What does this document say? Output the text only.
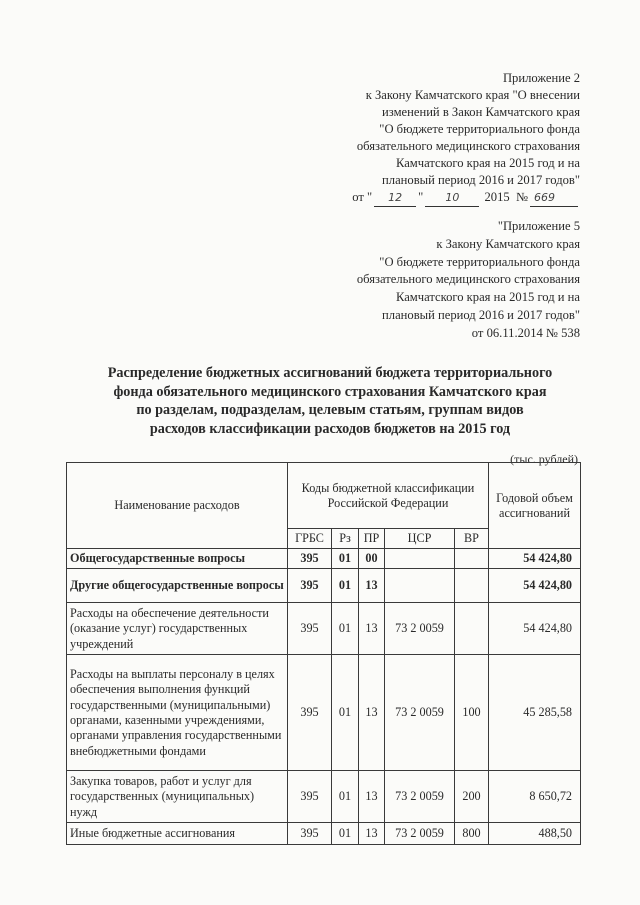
Приложение 2
к Закону Камчатского края "О внесении
изменений в Закон Камчатского края
"О бюджете территориального фонда
обязательного медицинского страхования
Камчатского края на 2015 год и на
плановый период 2016 и 2017 годов"
от " 12 " 10 2015 № 669
"Приложение 5
к Закону Камчатского края
"О бюджете территориального фонда
обязательного медицинского страхования
Камчатского края на 2015 год и на
плановый период 2016 и 2017 годов"
от 06.11.2014 № 538
Распределение бюджетных ассигнований бюджета территориального
фонда обязательного медицинского страхования Камчатского края
по разделам, подразделам, целевым статьям, группам видов
расходов классификации расходов бюджетов на 2015 год
(тыс. рублей)
Наименование расходов	Коды бюджетной классификации Российской Федерации					Годовой объем ассигнований
	ГРБС	Рз	ПР	ЦСР	ВР	
Общегосударственные вопросы	395	01	00			54 424,80
Другие общегосударственные вопросы	395	01	13			54 424,80
Расходы на обеспечение деятельности (оказание услуг) государственных учреждений	395	01	13	73 2 0059		54 424,80
Расходы на выплаты персоналу в целях обеспечения выполнения функций государственными (муниципальными) органами, казенными учреждениями, органами управления государственными внебюджетными фондами	395	01	13	73 2 0059	100	45 285,58
Закупка товаров, работ и услуг для государственных (муниципальных) нужд	395	01	13	73 2 0059	200	8 650,72
Иные бюджетные ассигнования	395	01	13	73 2 0059	800	488,50
